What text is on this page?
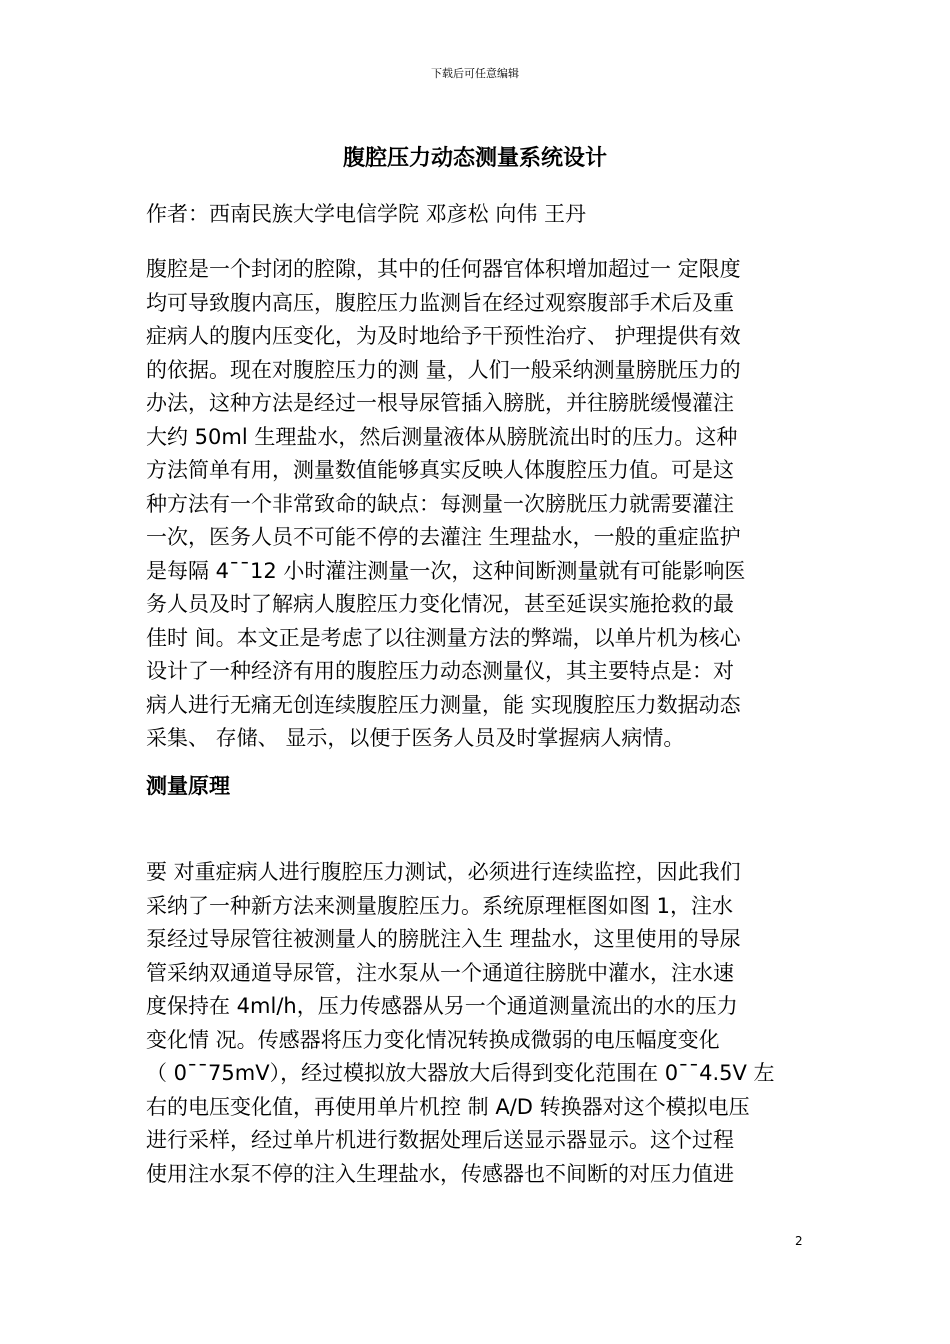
下载后可任意编辑
腹腔压力动态测量系统设计
作者：西南民族大学电信学院 邓彦松 向伟 王丹
腹腔是一个封闭的腔隙，其中的任何器官体积增加超过一 定限度
均可导致腹内高压，腹腔压力监测旨在经过观察腹部手术后及重
症病人的腹内压变化，为及时地给予干预性治疗、 护理提供有效
的依据。现在对腹腔压力的测 量，人们一般采纳测量膀胱压力的
办法，这种方法是经过一根导尿管插入膀胱，并往膀胱缓慢灌注
大约 50ml 生理盐水，然后测量液体从膀胱流出时的压力。这种
方法简单有用，测量数值能够真实反映人体腹腔压力值。可是这
种方法有一个非常致命的缺点：每测量一次膀胱压力就需要灌注
一次，医务人员不可能不停的去灌注 生理盐水，一般的重症监护
是每隔 4¯¯12 小时灌注测量一次，这种间断测量就有可能影响医
务人员及时了解病人腹腔压力变化情况，甚至延误实施抢救的最
佳时 间。本文正是考虑了以往测量方法的弊端，以单片机为核心
设计了一种经济有用的腹腔压力动态测量仪，其主要特点是：对
病人进行无痛无创连续腹腔压力测量，能 实现腹腔压力数据动态
采集、 存储、 显示，以便于医务人员及时掌握病人病情。
测量原理
要 对重症病人进行腹腔压力测试，必须进行连续监控，因此我们
采纳了一种新方法来测量腹腔压力。系统原理框图如图 1，注水
泵经过导尿管往被测量人的膀胱注入生 理盐水，这里使用的导尿
管采纳双通道导尿管，注水泵从一个通道往膀胱中灌水，注水速
度保持在 4ml/h，压力传感器从另一个通道测量流出的水的压力
变化情 况。传感器将压力变化情况转换成微弱的电压幅度变化
（ 0¯¯75mV），经过模拟放大器放大后得到变化范围在 0¯¯4.5V 左
右的电压变化值，再使用单片机控 制 A/D 转换器对这个模拟电压
进行采样，经过单片机进行数据处理后送显示器显示。这个过程
使用注水泵不停的注入生理盐水，传感器也不间断的对压力值进
2
